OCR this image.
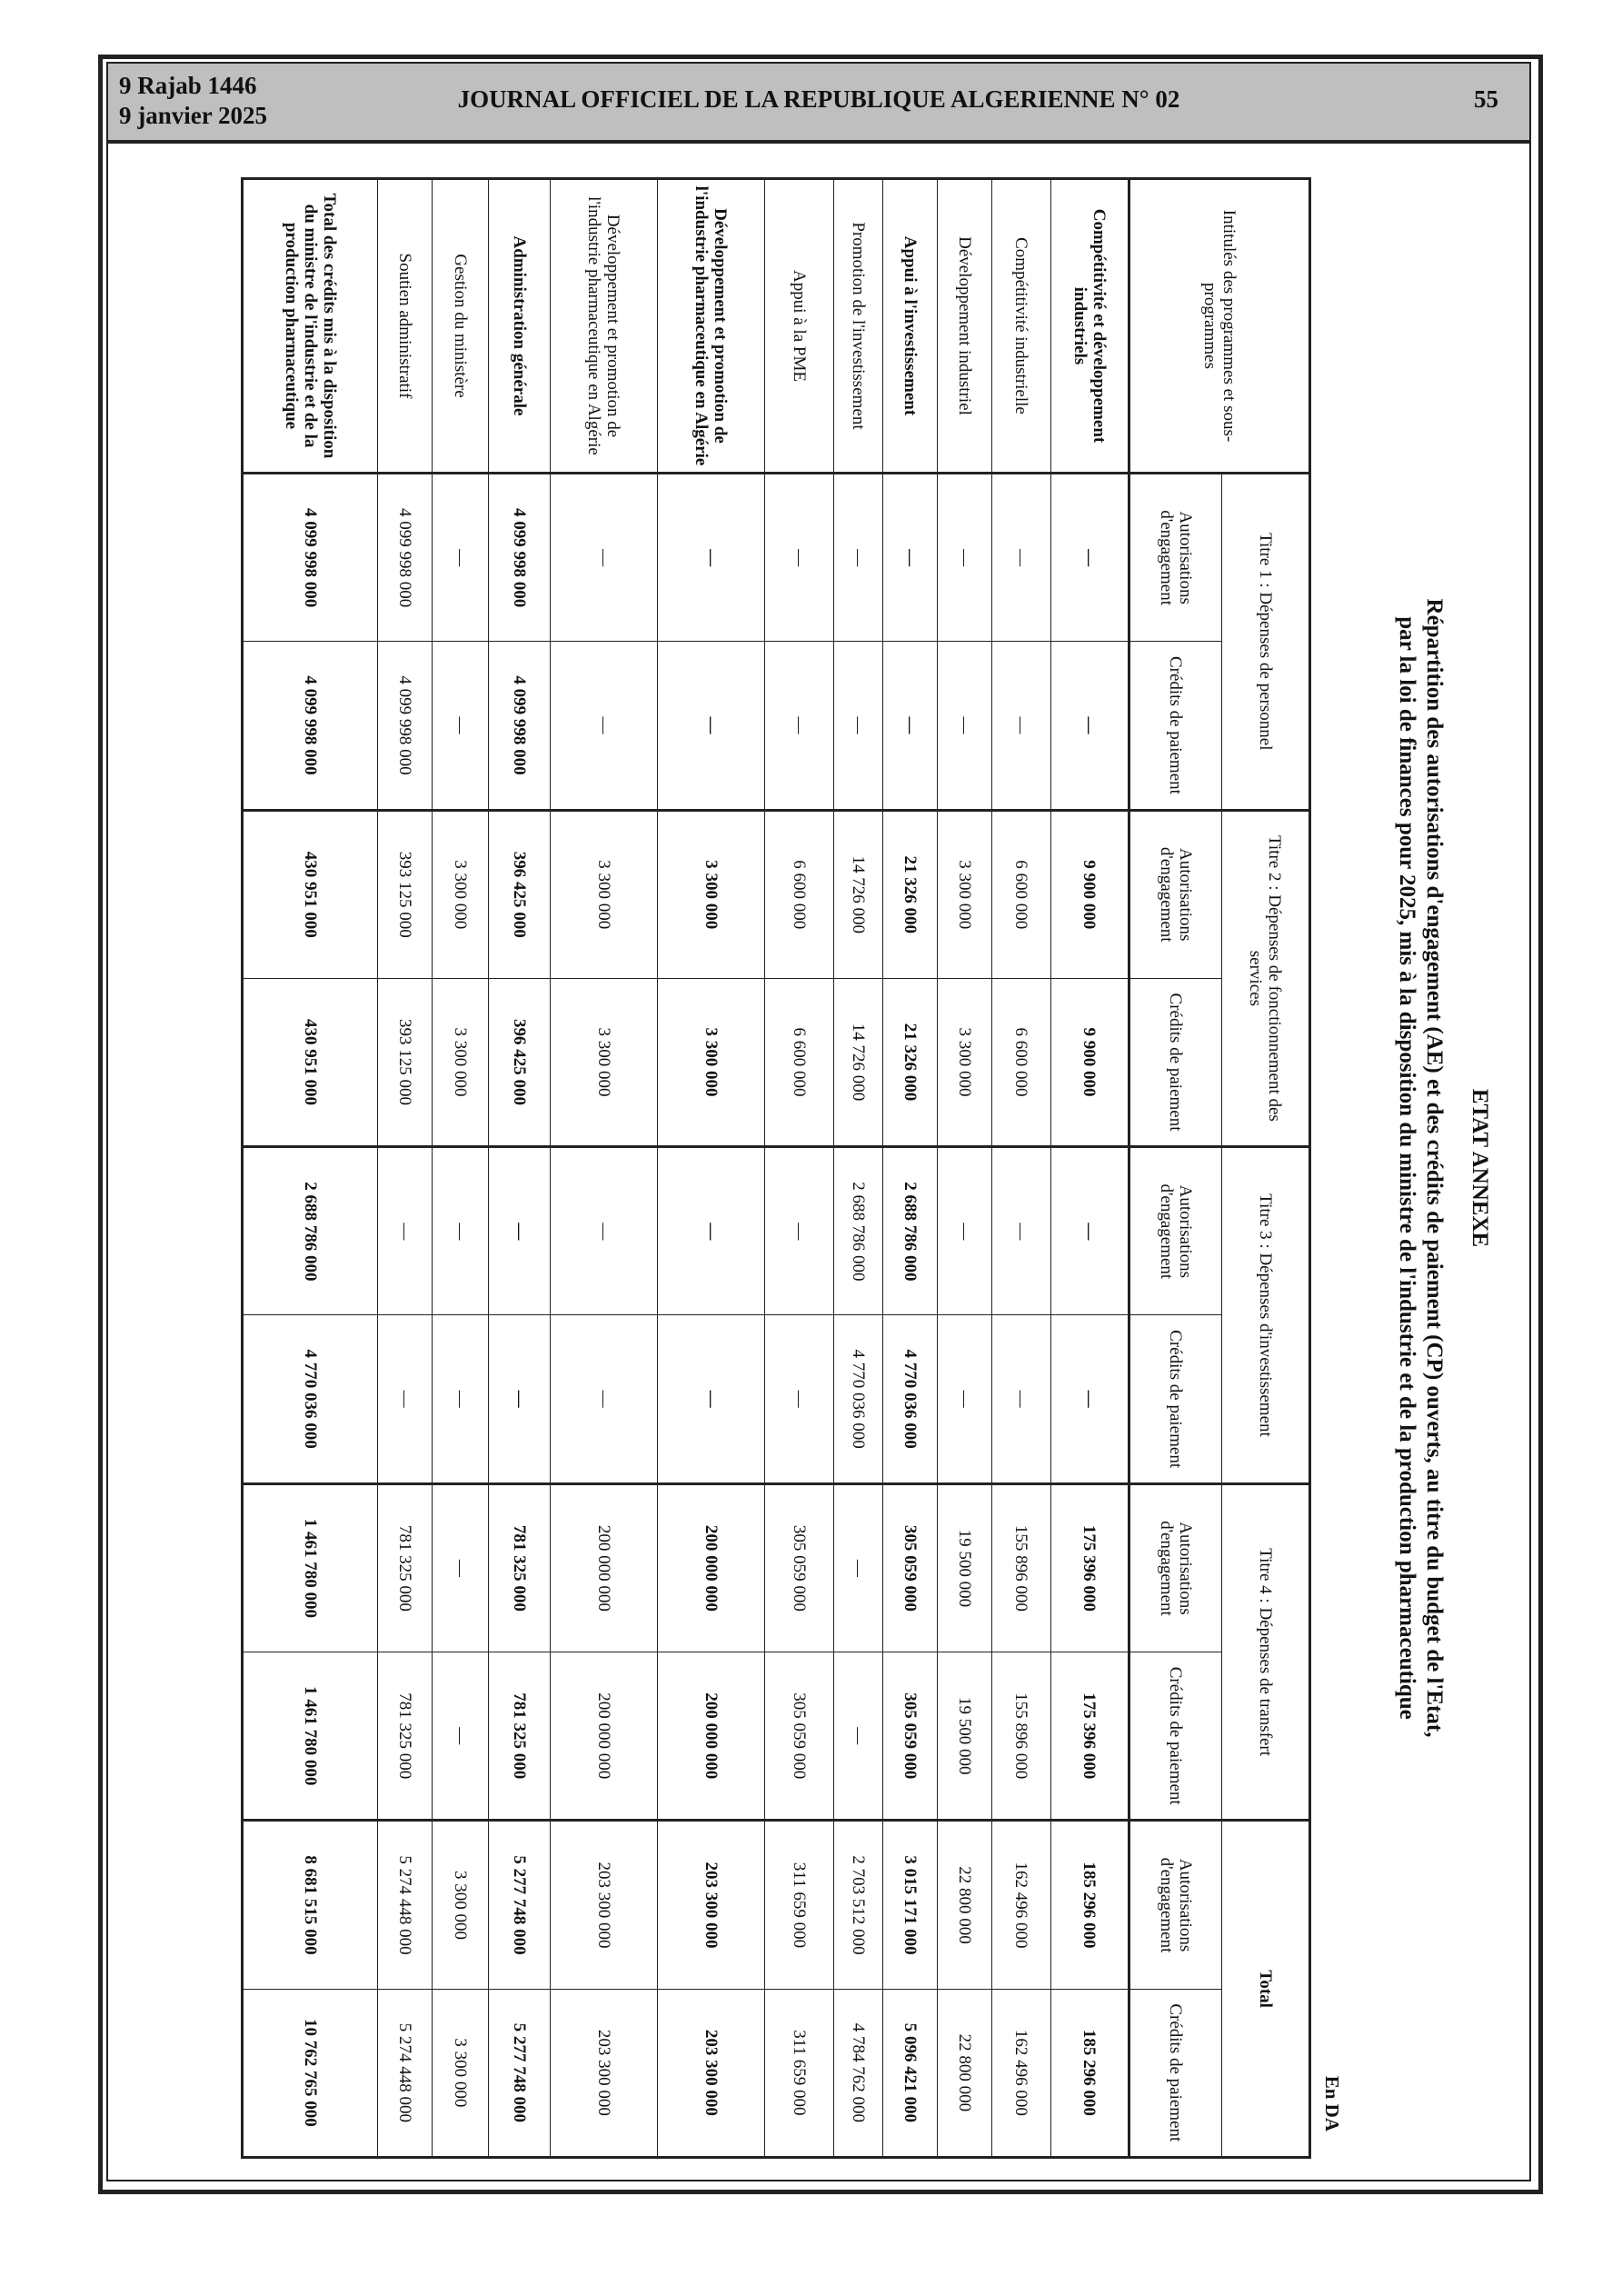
9 Rajab 1446
9 janvier 2025
JOURNAL OFFICIEL DE LA REPUBLIQUE ALGERIENNE N° 02	55
ETAT ANNEXE
Répartition des autorisations d'engagement (AE) et des crédits de paiement (CP) ouverts, au titre du budget de l'Etat,
par la loi de finances pour 2025, mis à la disposition du ministre de l'industrie et de la production pharmaceutique
En DA
Intitulés des programmes et sous-programmes	Titre 1 : Dépenses de personnel		Titre 2 : Dépenses de fonctionnement des services		Titre 3 : Dépenses d'investissement		Titre 4 : Dépenses de transfert		Total	
	Autorisations d'engagement	Crédits de paiement	Autorisations d'engagement	Crédits de paiement	Autorisations d'engagement	Crédits de paiement	Autorisations d'engagement	Crédits de paiement	Autorisations d'engagement	Crédits de paiement
Compétitivité et développement industriels	—	—	9 900 000	9 900 000	—	—	175 396 000	175 396 000	185 296 000	185 296 000
Compétitivité industrielle	—	—	6 600 000	6 600 000	—	—	155 896 000	155 896 000	162 496 000	162 496 000
Développement industriel	—	—	3 300 000	3 300 000	—	—	19 500 000	19 500 000	22 800 000	22 800 000
Appui à l'investissement	—	—	21 326 000	21 326 000	2 688 786 000	4 770 036 000	305 059 000	305 059 000	3 015 171 000	5 096 421 000
Promotion de l'investissement	—	—	14 726 000	14 726 000	2 688 786 000	4 770 036 000	—	—	2 703 512 000	4 784 762 000
Appui à la PME	—	—	6 600 000	6 600 000	—	—	305 059 000	305 059 000	311 659 000	311 659 000
Développement et promotion de l'industrie pharmaceutique en Algérie	—	—	3 300 000	3 300 000	—	—	200 000 000	200 000 000	203 300 000	203 300 000
Développement et promotion de l'industrie pharmaceutique en Algérie	—	—	3 300 000	3 300 000	—	—	200 000 000	200 000 000	203 300 000	203 300 000
Administration générale	4 099 998 000	4 099 998 000	396 425 000	396 425 000	—	—	781 325 000	781 325 000	5 277 748 000	5 277 748 000
Gestion du ministère	—	—	3 300 000	3 300 000	—	—	—	—	3 300 000	3 300 000
Soutien administratif	4 099 998 000	4 099 998 000	393 125 000	393 125 000	—	—	781 325 000	781 325 000	5 274 448 000	5 274 448 000
Total des crédits mis à la disposition du ministre de l'industrie et de la production pharmaceutique	4 099 998 000	4 099 998 000	430 951 000	430 951 000	2 688 786 000	4 770 036 000	1 461 780 000	1 461 780 000	8 681 515 000	10 762 765 000
